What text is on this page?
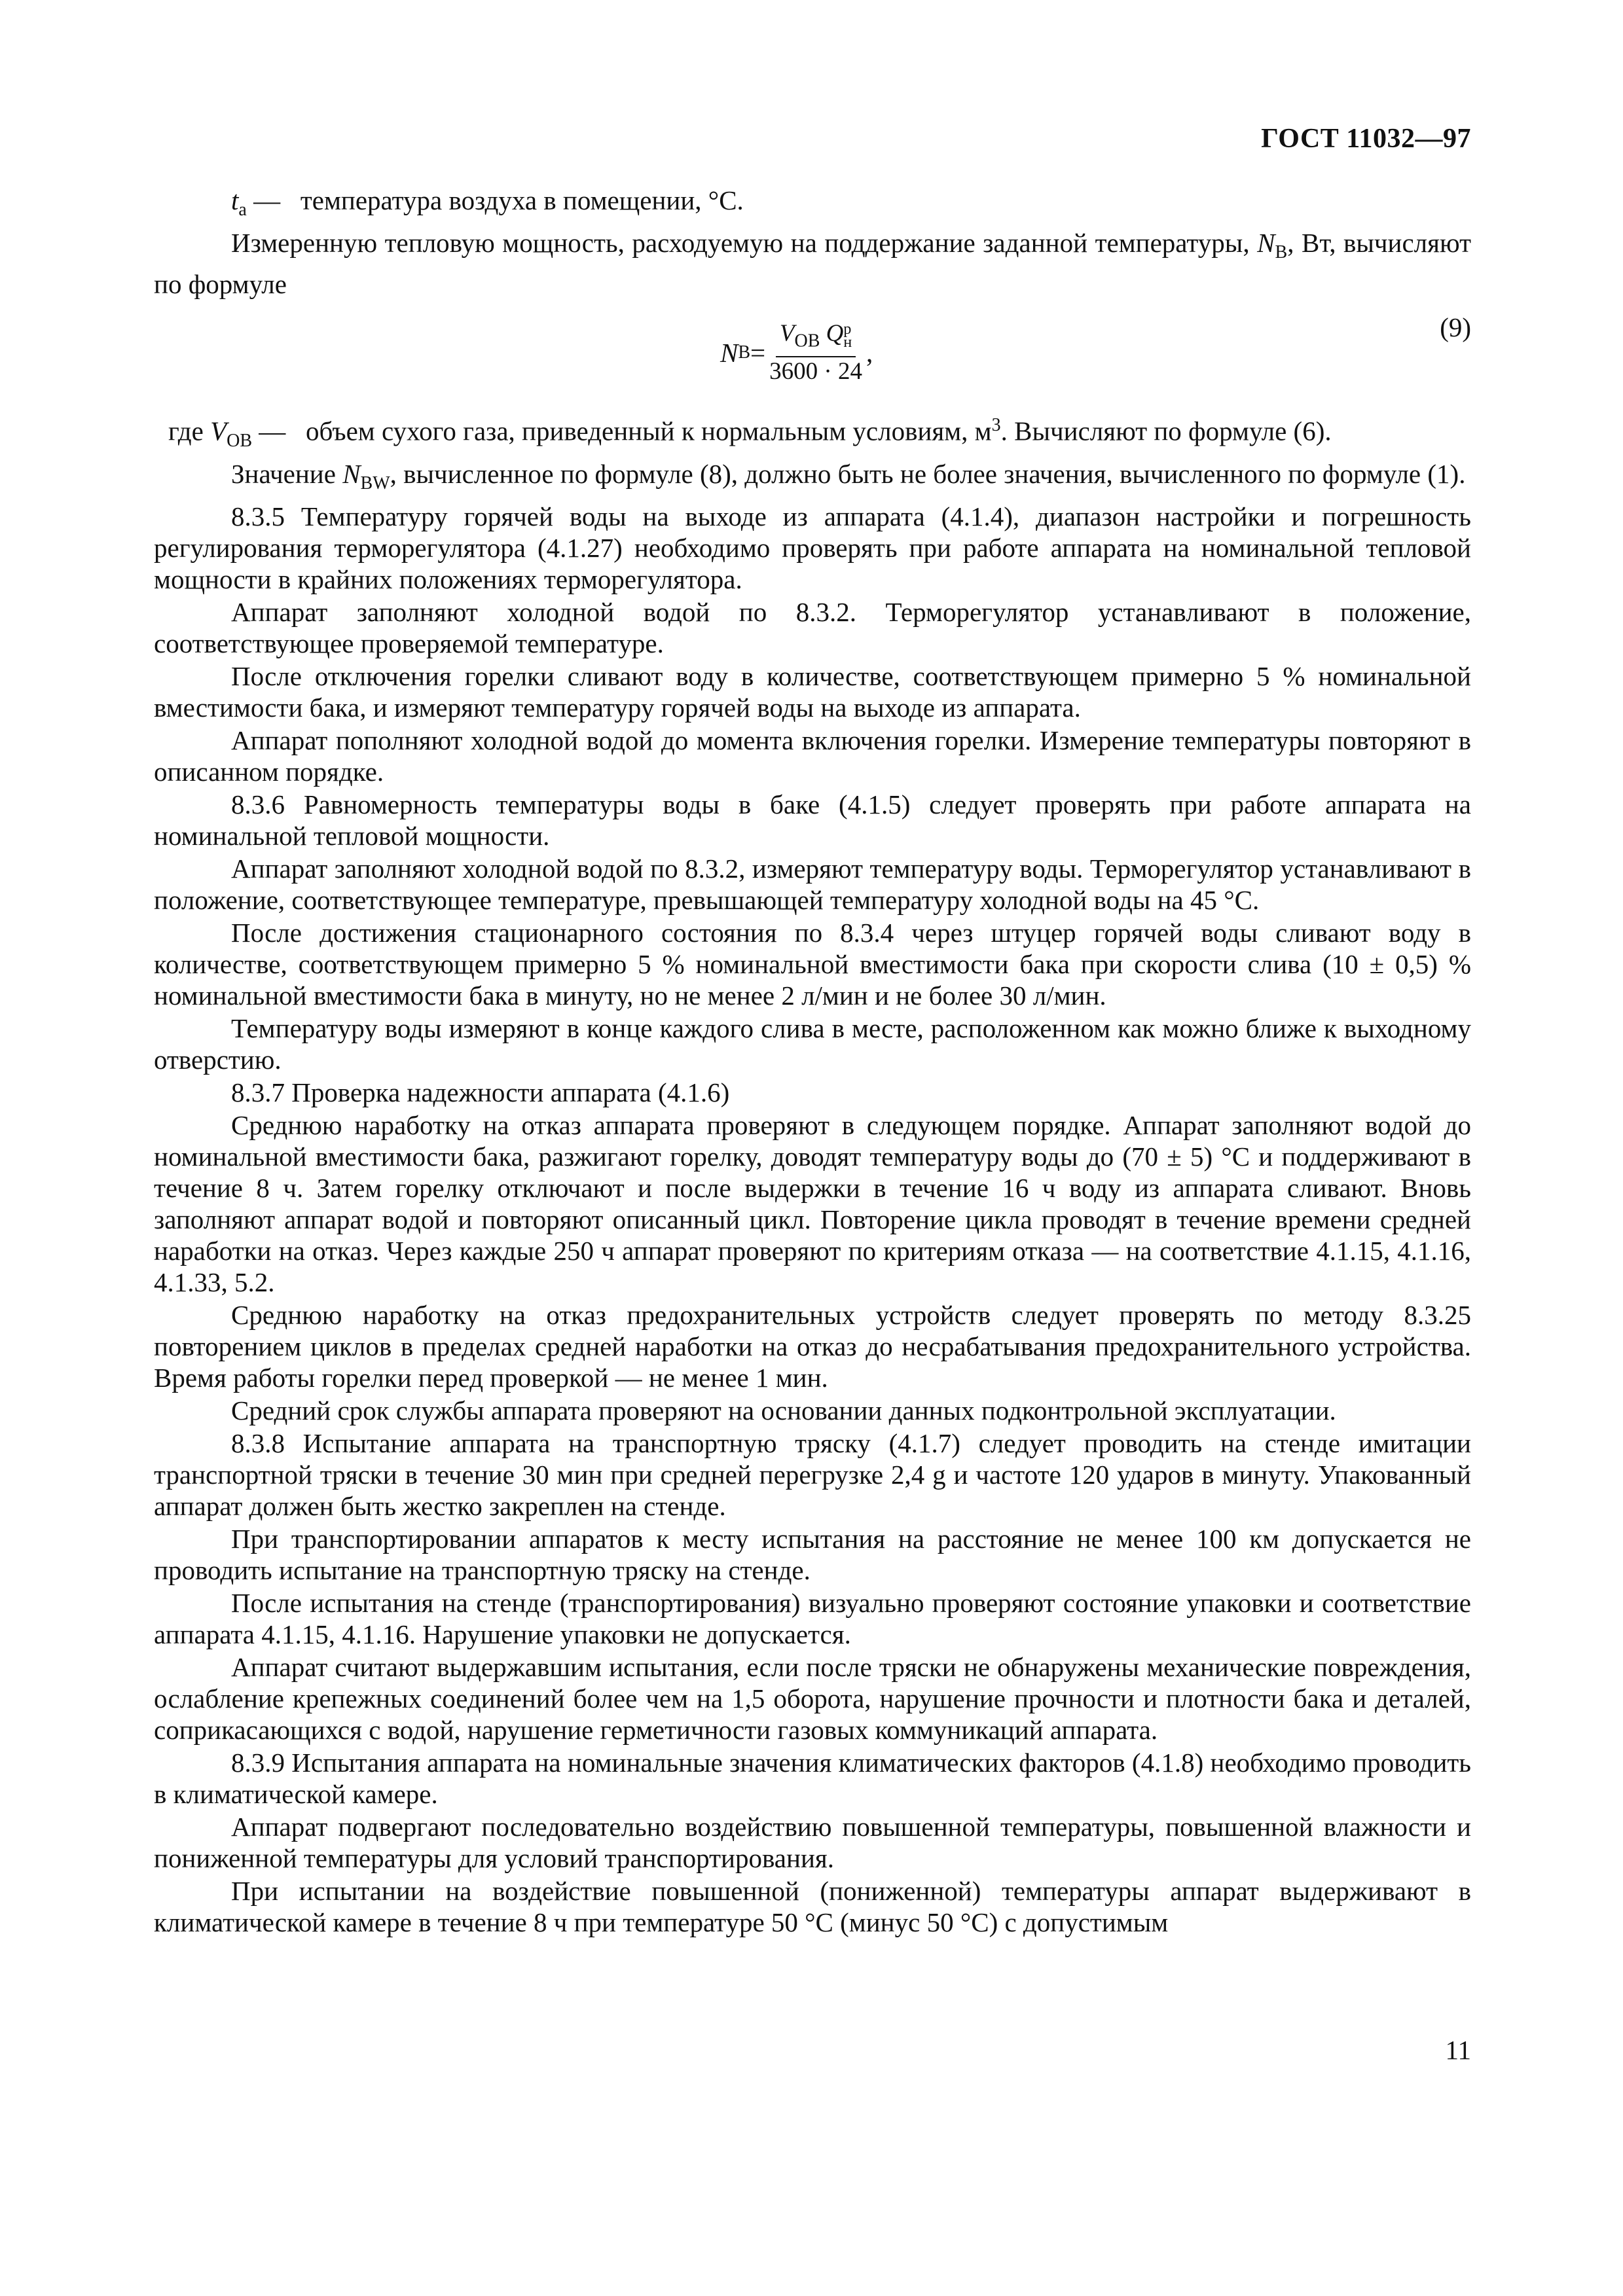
ГОСТ 11032—97

$t_а$ — температура воздуха в помещении, °С.

Измеренную тепловую мощность, расходуемую на поддержание заданной температуры, $N_B$, Вт, вычисляют по формуле

N $B = V_{OB}$ Q р
н
3600 · 24 ,
(9)

где $V_{OB}$ — объем сухого газа, приведенный к нормальным условиям, $м^3$. Вычисляют по формуле (6).

Значение $N_{BW}$, вычисленное по формуле (8), должно быть не более значения, вычисленного по формуле (1).

8.3.5 Температуру горячей воды на выходе из аппарата (4.1.4), диапазон настройки и погрешность регулирования терморегулятора (4.1.27) необходимо проверять при работе аппарата на номинальной тепловой мощности в крайних положениях терморегулятора.

Аппарат заполняют холодной водой по 8.3.2. Терморегулятор устанавливают в положение, соответствующее проверяемой температуре.

После отключения горелки сливают воду в количестве, соответствующем примерно 5 % номинальной вместимости бака, и измеряют температуру горячей воды на выходе из аппарата.

Аппарат пополняют холодной водой до момента включения горелки. Измерение температуры повторяют в описанном порядке.

8.3.6 Равномерность температуры воды в баке (4.1.5) следует проверять при работе аппарата на номинальной тепловой мощности.

Аппарат заполняют холодной водой по 8.3.2, измеряют температуру воды. Терморегулятор устанавливают в положение, соответствующее температуре, превышающей температуру холодной воды на 45 °С.

После достижения стационарного состояния по 8.3.4 через штуцер горячей воды сливают воду в количестве, соответствующем примерно 5 % номинальной вместимости бака при скорости слива (10 ± 0,5) % номинальной вместимости бака в минуту, но не менее 2 л/мин и не более 30 л/мин.

Температуру воды измеряют в конце каждого слива в месте, расположенном как можно ближе к выходному отверстию.

8.3.7 Проверка надежности аппарата (4.1.6)

Среднюю наработку на отказ аппарата проверяют в следующем порядке. Аппарат заполняют водой до номинальной вместимости бака, разжигают горелку, доводят температуру воды до (70 ± 5) °С и поддерживают в течение 8 ч. Затем горелку отключают и после выдержки в течение 16 ч воду из аппарата сливают. Вновь заполняют аппарат водой и повторяют описанный цикл. Повторение цикла проводят в течение времени средней наработки на отказ. Через каждые 250 ч аппарат проверяют по критериям отказа — на соответствие 4.1.15, 4.1.16, 4.1.33, 5.2.

Среднюю наработку на отказ предохранительных устройств следует проверять по методу 8.3.25 повторением циклов в пределах средней наработки на отказ до несрабатывания предохранительного устройства. Время работы горелки перед проверкой — не менее 1 мин.

Средний срок службы аппарата проверяют на основании данных подконтрольной эксплуатации.

8.3.8 Испытание аппарата на транспортную тряску (4.1.7) следует проводить на стенде имитации транспортной тряски в течение 30 мин при средней перегрузке 2,4 g и частоте 120 ударов в минуту. Упакованный аппарат должен быть жестко закреплен на стенде.

При транспортировании аппаратов к месту испытания на расстояние не менее 100 км допускается не проводить испытание на транспортную тряску на стенде.

После испытания на стенде (транспортирования) визуально проверяют состояние упаковки и соответствие аппарата 4.1.15, 4.1.16. Нарушение упаковки не допускается.

Аппарат считают выдержавшим испытания, если после тряски не обнаружены механические повреждения, ослабление крепежных соединений более чем на 1,5 оборота, нарушение прочности и плотности бака и деталей, соприкасающихся с водой, нарушение герметичности газовых коммуникаций аппарата.

8.3.9 Испытания аппарата на номинальные значения климатических факторов (4.1.8) необходимо проводить в климатической камере.

Аппарат подвергают последовательно воздействию повышенной температуры, повышенной влажности и пониженной температуры для условий транспортирования.

При испытании на воздействие повышенной (пониженной) температуры аппарат выдерживают в климатической камере в течение 8 ч при температуре 50 °С (минус 50 °С) с допустимым

11
